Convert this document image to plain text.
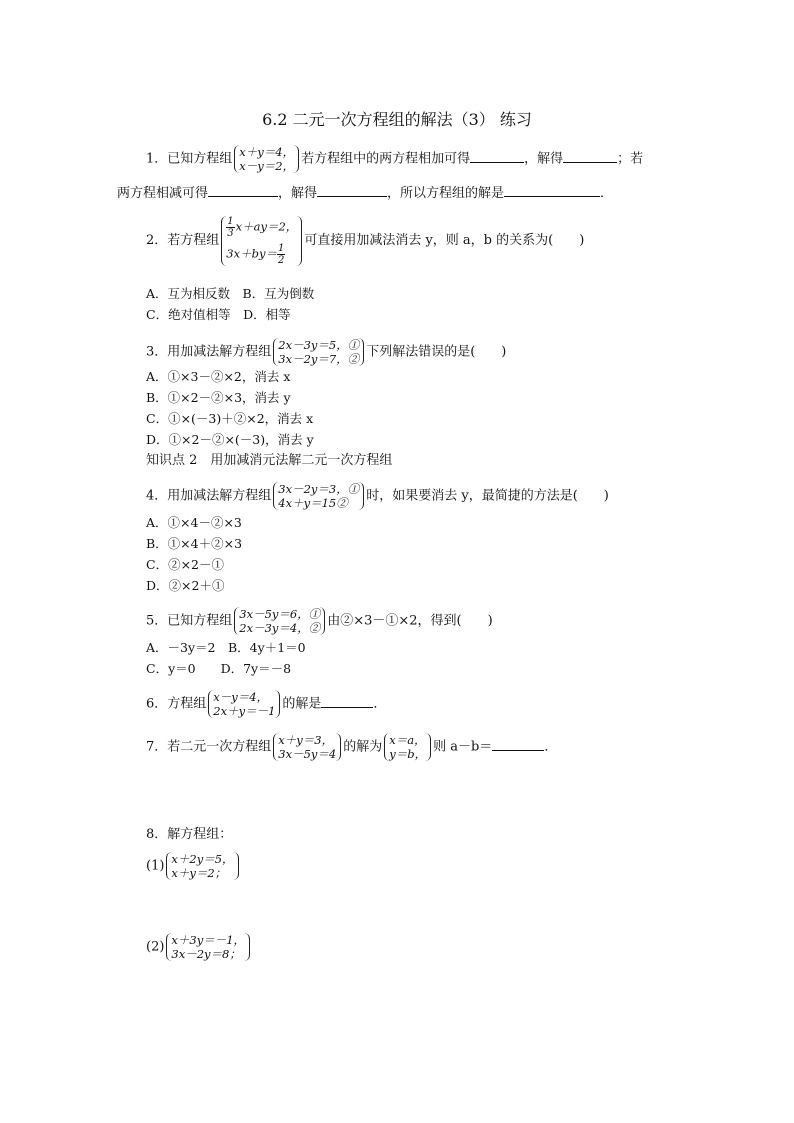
6.2 二元一次方程组的解法（3） 练习
1．已知方程组 x＋y＝4，
x－y＝2， 若方程组中的两方程相加可得	，解得	；若
两方程相减可得	，解得	，所以方程组的解是	．
2．若方程组
$\frac{1}{3} x+ay=2$，
$3x+by= \frac{1}{2}$
可直接用加减法消去 y，则 a，b 的关系为(　　)
A．互为相反数　B．互为倒数
C．绝对值相等　D．相等
3．用加减法解方程组 2x－3y＝5，①
3x－2y＝7，② 下列解法错误的是(　　)
A．①×3－②×2，消去 x
B．①×2－②×3，消去 y
C．①×(－3)＋②×2，消去 x
D．①×2－②×(－3)，消去 y
知识点 2　用加减消元法解二元一次方程组
4．用加减法解方程组 3x－2y＝3，①
4x＋y＝15②	时，如果要消去 y，最简捷的方法是(　　)
A．①×4－②×3
B．①×4＋②×3
C．②×2－①
D．②×2＋①
5．已知方程组 3x－5y＝6，①
2x－3y＝4，② 由②×3－①×2，得到(　　)
A．－3y＝2　B．4y＋1＝0
C．y＝0　　D．7y＝－8
6．方程组 x－y＝4，
2x＋y＝－1 的解是	．
7．若二元一次方程组 x＋y＝3，
3x－5y＝4 的解为 x＝a，
y＝b， 则 a－b＝	．
8．解方程组：
(1) x＋2y＝5，
x＋y＝2；
(2) x＋3y＝－1，
3x－2y＝8；
